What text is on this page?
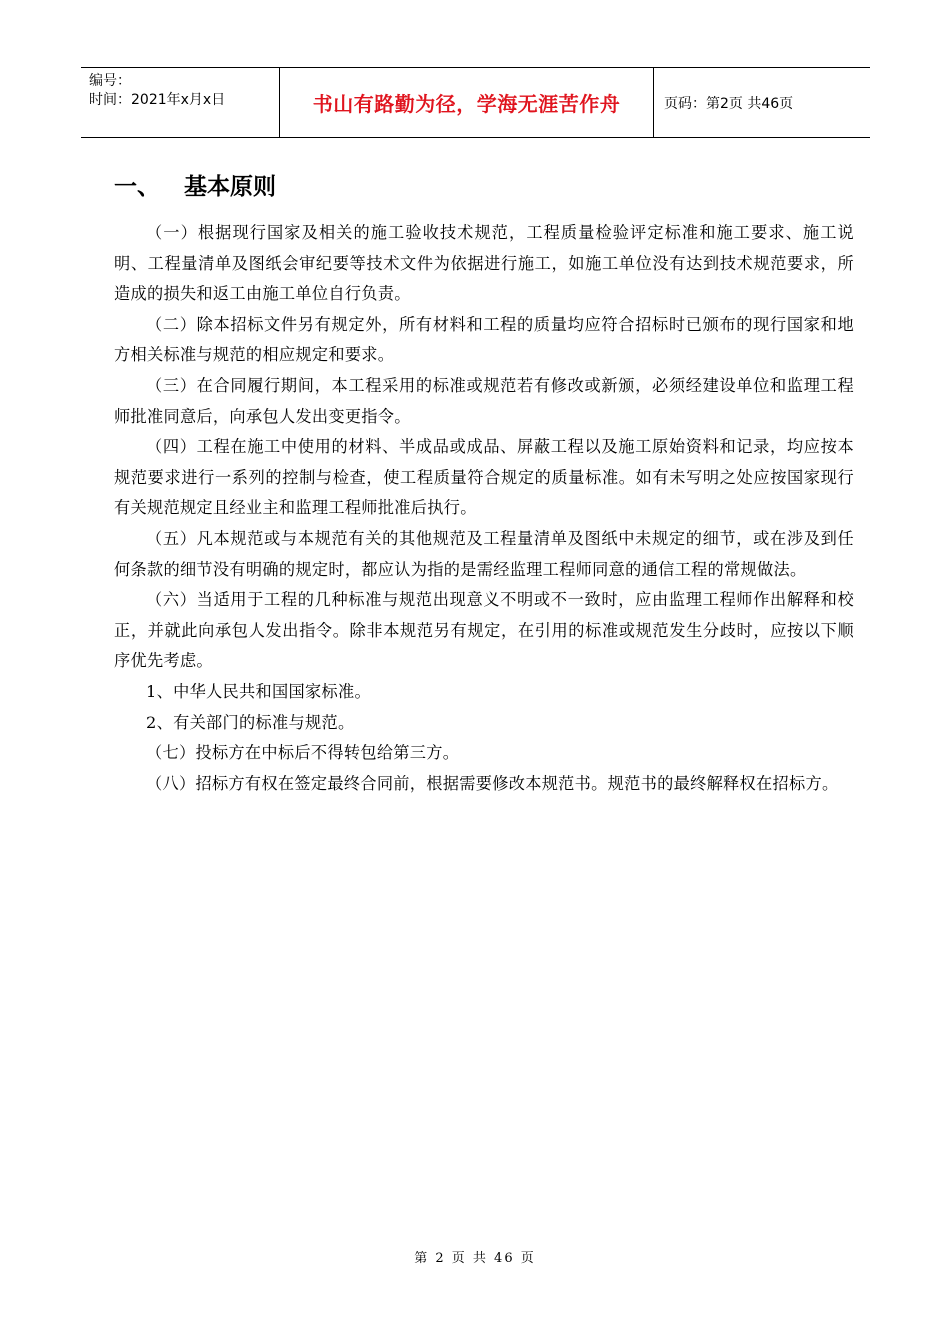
编号：
时间：2021年x月x日	书山有路勤为径，学海无涯苦作舟	页码：第2页 共46页
一、   基本原则

（一）根据现行国家及相关的施工验收技术规范，工程质量检验评定标准和施工要求、施工说明、工程量清单及图纸会审纪要等技术文件为依据进行施工，如施工单位没有达到技术规范要求，所造成的损失和返工由施工单位自行负责。

（二）除本招标文件另有规定外，所有材料和工程的质量均应符合招标时已颁布的现行国家和地方相关标准与规范的相应规定和要求。

（三）在合同履行期间，本工程采用的标准或规范若有修改或新颁，必须经建设单位和监理工程师批准同意后，向承包人发出变更指令。

（四）工程在施工中使用的材料、半成品或成品、屏蔽工程以及施工原始资料和记录，均应按本规范要求进行一系列的控制与检查，使工程质量符合规定的质量标准。如有未写明之处应按国家现行有关规范规定且经业主和监理工程师批准后执行。

（五）凡本规范或与本规范有关的其他规范及工程量清单及图纸中未规定的细节，或在涉及到任何条款的细节没有明确的规定时，都应认为指的是需经监理工程师同意的通信工程的常规做法。

（六）当适用于工程的几种标准与规范出现意义不明或不一致时，应由监理工程师作出解释和校正，并就此向承包人发出指令。除非本规范另有规定，在引用的标准或规范发生分歧时，应按以下顺序优先考虑。

1、中华人民共和国国家标准。

2、有关部门的标准与规范。

（七）投标方在中标后不得转包给第三方。

（八）招标方有权在签定最终合同前，根据需要修改本规范书。规范书的最终解释权在招标方。

第 2 页 共 46 页
